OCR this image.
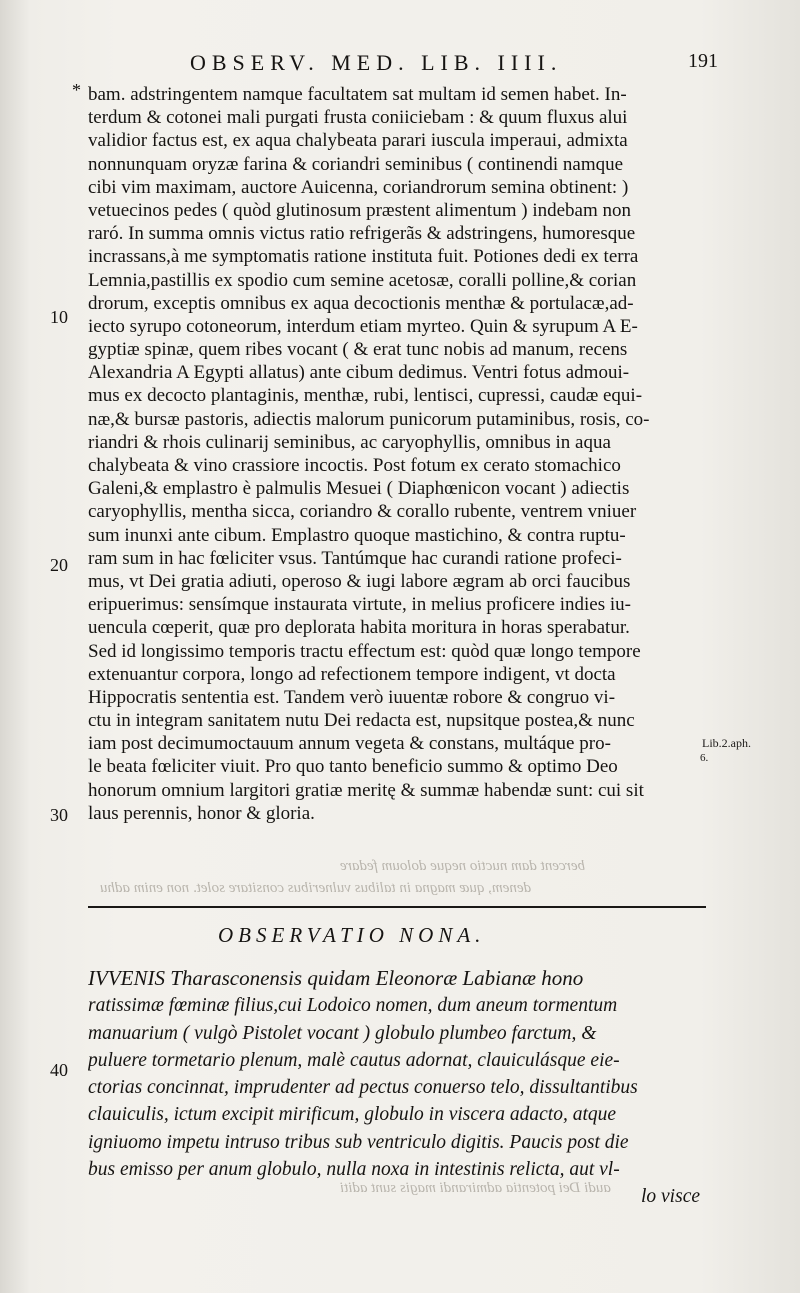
OBSERV. MED. LIB. IIII.	191
* bam. adstringentem namque facultatem sat multam id semen habet. In-
terdum & cotonei mali purgati frusta coniiciebam : & quum fluxus alui
validior factus est, ex aqua chalybeata parari iuscula imperaui, admixta
nonnunquam oryzæ farina & coriandri seminibus ( continendi namque
cibi vim maximam, auctore Auicenna, coriandrorum semina obtinent: )
vetuecinos pedes ( quòd glutinosum præstent alimentum ) indebam non
raró. In summa omnis victus ratio refrigerãs & adstringens, humoresque
incrassans,à me symptomatis ratione instituta fuit. Potiones dedi ex terra
Lemnia,pastillis ex spodio cum semine acetosæ, coralli polline,& corian
drorum, exceptis omnibus ex aqua decoctionis menthæ & portulacæ,ad-
iecto syrupo cotoneorum, interdum etiam myrteo. Quin & syrupum A E-
gyptiæ spinæ, quem ribes vocant ( & erat tunc nobis ad manum, recens
Alexandria A Egypti allatus) ante cibum dedimus. Ventri fotus admoui-
mus ex decocto plantaginis, menthæ, rubi, lentisci, cupressi, caudæ equi-
næ,& bursæ pastoris, adiectis malorum punicorum putaminibus, rosis, co-
riandri & rhois culinarij seminibus, ac caryophyllis, omnibus in aqua
chalybeata & vino crassiore incoctis. Post fotum ex cerato stomachico
Galeni,& emplastro è palmulis Mesuei ( Diaphœnicon vocant ) adiectis
caryophyllis, mentha sicca, coriandro & corallo rubente, ventrem vniuer
sum inunxi ante cibum. Emplastro quoque mastichino, & contra ruptu-
ram sum in hac fœliciter vsus. Tantúmque hac curandi ratione profeci-
mus, vt Dei gratia adiuti, operoso & iugi labore ægram ab orci faucibus
eripuerimus: sensímque instaurata virtute, in melius proficere indies iu-
uencula cœperit, quæ pro deplorata habita moritura in horas sperabatur.
Sed id longissimo temporis tractu effectum est: quòd quæ longo tempore
extenuantur corpora, longo ad refectionem tempore indigent, vt docta
Hippocratis sententia est. Tandem verò iuuentæ robore & congruo vi-
ctu in integram sanitatem nutu Dei redacta est, nupsitque postea,& nunc
iam post decimumoctauum annum vegeta & constans, multáque pro-
le beata fœliciter viuit. Pro quo tanto beneficio summo & optimo Deo
honorum omnium largitori gratiæ meritę & summæ habendæ sunt: cui sit
laus perennis, honor & gloria.
10
20
30
40
Lib.2.aph.
6.
bercent dam nuctio neque doloum fedare
denem, quæ magna in talibus vulneribus consitare solet. non enim adhu
audi Dei potentia admirandi magis sunt aditi
OBSERVATIO NONA.
IVVENIS Tharasconensis quidam Eleonoræ Labianæ hono
ratissimæ fœminæ filius,cui Lodoico nomen, dum aneum tormentum
manuarium ( vulgò Pistolet vocant ) globulo plumbeo farctum, &
puluere tormetario plenum, malè cautus adornat, clauiculásque eie-
ctorias concinnat, imprudenter ad pectus conuerso telo, dissultantibus
clauiculis, ictum excipit mirificum, globulo in viscera adacto, atque
igniuomo impetu intruso tribus sub ventriculo digitis. Paucis post die
bus emisso per anum globulo, nulla noxa in intestinis relicta, aut vl-
lo visce
